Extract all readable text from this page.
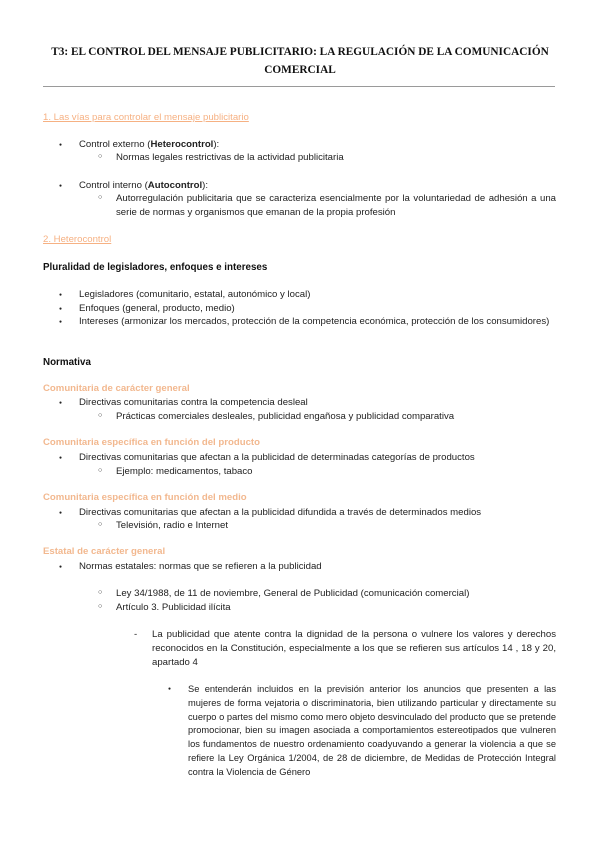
T3: EL CONTROL DEL MENSAJE PUBLICITARIO: LA REGULACIÓN DE LA COMUNICACIÓN COMERCIAL
1. Las vías para controlar el mensaje publicitario
● Control externo (Heterocontrol):
○ Normas legales restrictivas de la actividad publicitaria
● Control interno (Autocontrol):
○ Autorregulación publicitaria que se caracteriza esencialmente por la voluntariedad de adhesión a una serie de normas y organismos que emanan de la propia profesión
2. Heterocontrol
Pluralidad de legisladores, enfoques e intereses
● Legisladores (comunitario, estatal, autonómico y local)
● Enfoques (general, producto, medio)
● Intereses (armonizar los mercados, protección de la competencia económica, protección de los consumidores)
Normativa
Comunitaria de carácter general
● Directivas comunitarias contra la competencia desleal
○ Prácticas comerciales desleales, publicidad engañosa y publicidad comparativa
Comunitaria específica en función del producto
● Directivas comunitarias que afectan a la publicidad de determinadas categorías de productos
○ Ejemplo: medicamentos, tabaco
Comunitaria específica en función del medio
● Directivas comunitarias que afectan a la publicidad difundida a través de determinados medios
○ Televisión, radio e Internet
Estatal de carácter general
● Normas estatales: normas que se refieren a la publicidad
○ Ley 34/1988, de 11 de noviembre, General de Publicidad (comunicación comercial)
○ Artículo 3. Publicidad ilícita
- La publicidad que atente contra la dignidad de la persona o vulnere los valores y derechos reconocidos en la Constitución, especialmente a los que se refieren sus artículos 14 , 18 y 20, apartado 4
● Se entenderán incluidos en la previsión anterior los anuncios que presenten a las mujeres de forma vejatoria o discriminatoria, bien utilizando particular y directamente su cuerpo o partes del mismo como mero objeto desvinculado del producto que se pretende promocionar, bien su imagen asociada a comportamientos estereotipados que vulneren los fundamentos de nuestro ordenamiento coadyuvando a generar la violencia a que se refiere la Ley Orgánica 1/2004, de 28 de diciembre, de Medidas de Protección Integral contra la Violencia de Género
